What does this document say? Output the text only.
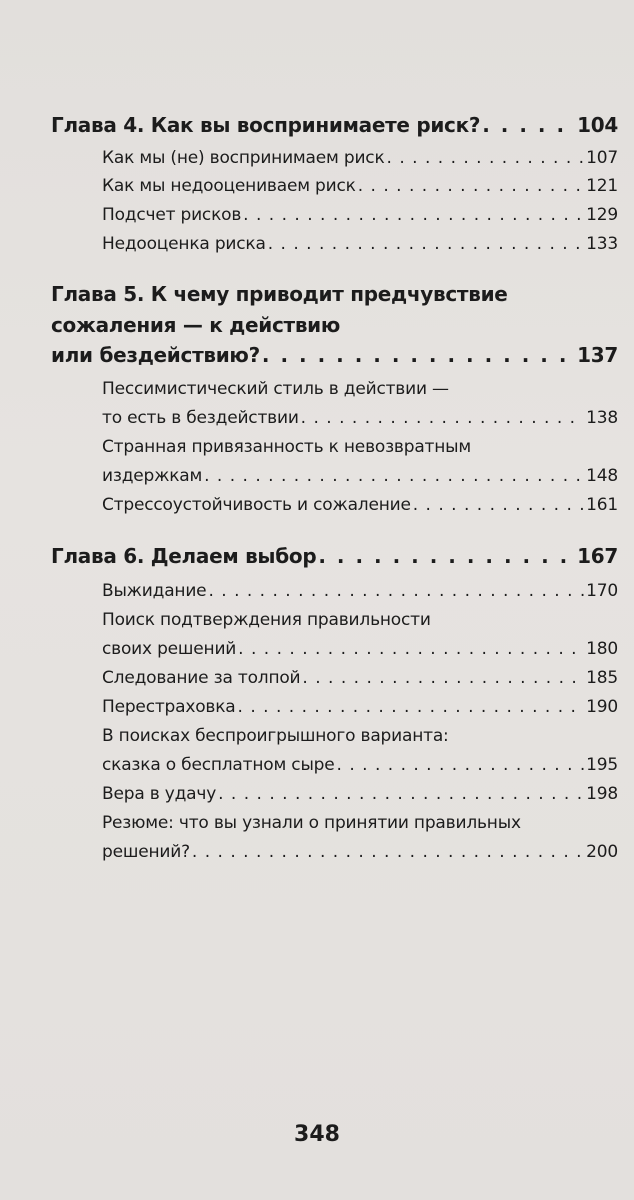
Глава 4. Как вы воспринимаете риск? . . .	104
Как мы (не) воспринимаем риск . . .	107
Как мы недооцениваем риск . . .	121
Подсчет рисков . . .	129
Недооценка риска . . .	133
Глава 5. К чему приводит предчувствие
сожаления — к действию
или бездействию? . . .	137
Пессимистический стиль в действии —
то есть в бездействии . . .	138
Странная привязанность к невозвратным
издержкам . . .	148
Стрессоустойчивость и сожаление . . .	161
Глава 6. Делаем выбор . . .	167
Выжидание . . .	170
Поиск подтверждения правильности
своих решений . . .	180
Следование за толпой . . .	185
Перестраховка . . .	190
В поисках беспроигрышного варианта:
сказка о бесплатном сыре . . .	195
Вера в удачу . . .	198
Резюме: что вы узнали о принятии правильных
решений? . . .	200
348
